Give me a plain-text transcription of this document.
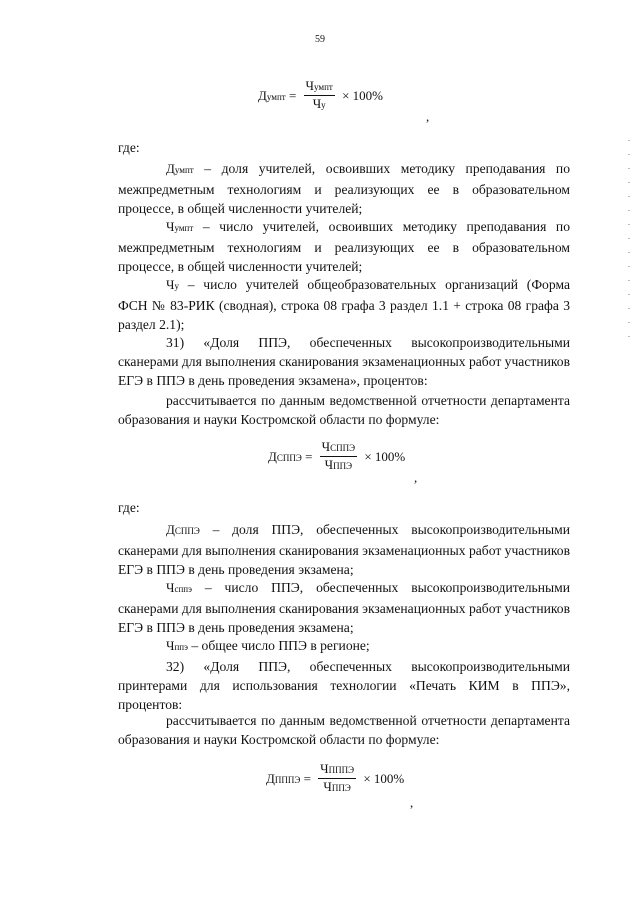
59
Думпт = $\frac{\text{Чумпт}}{Чу} \times 100\%$
,
где:
Думпт – доля учителей, освоивших методику преподавания по межпредметным технологиям и реализующих ее в образовательном процессе, в общей численности учителей;
Чумпт – число учителей, освоивших методику преподавания по межпредметным технологиям и реализующих ее в образовательном процессе, в общей численности учителей;
Чу – число учителей общеобразовательных организаций (Форма ФСН № 83-РИК (сводная), строка 08 графа 3 раздел 1.1 + строка 08 графа 3 раздел 2.1);
31) «Доля ППЭ, обеспеченных высокопроизводительными сканерами для выполнения сканирования экзаменационных работ участников ЕГЭ в ППЭ в день проведения экзамена», процентов:
рассчитывается по данным ведомственной отчетности департамента образования и науки Костромской области по формуле:
ДСППЭ = $\frac{\text{ЧСППЭ}}{\text{ЧППЭ}} \times 100\%$
,
где:
ДСППЭ – доля ППЭ, обеспеченных высокопроизводительными сканерами для выполнения сканирования экзаменационных работ участников ЕГЭ в ППЭ в день проведения экзамена;
Чсппэ – число ППЭ, обеспеченных высокопроизводительными сканерами для выполнения сканирования экзаменационных работ участников ЕГЭ в ППЭ в день проведения экзамена;
Чппэ – общее число ППЭ в регионе;
32) «Доля ППЭ, обеспеченных высокопроизводительными принтерами для использования технологии «Печать КИМ в ППЭ», процентов:
рассчитывается по данным ведомственной отчетности департамента образования и науки Костромской области по формуле:
ДПППЭ = $\frac{\text{ЧПППЭ}}{\text{ЧППЭ}} \times 100\%$
,
